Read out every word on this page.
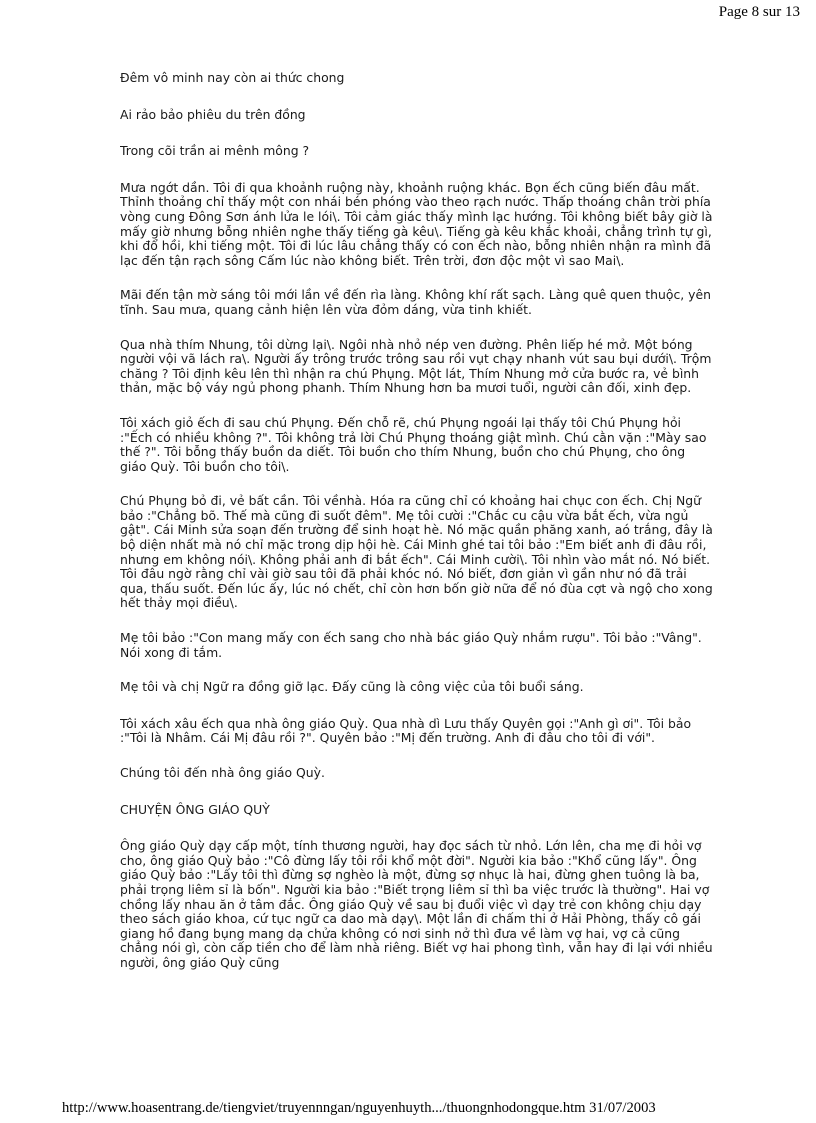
Page 8 sur 13

Đêm vô minh nay còn ai thức chong

Ai rảo bảo phiêu du trên đồng

Trong cõi trần ai mênh mông ?

Mưa ngớt dần. Tôi đi qua khoảnh ruộng này, khoảnh ruộng khác. Bọn ếch cũng biến đâu mất. Thỉnh thoảng chỉ thấy một con nhái bén phóng vào theo rạch nước. Thấp thoáng chân trời phía vòng cung Đông Sơn ánh lửa le lói\. Tôi cảm giác thấy mình lạc hướng. Tôi không biết bây giờ là mấy giờ nhưng bỗng nhiên nghe thấy tiếng gà kêu\. Tiếng gà kêu khắc khoải, chẳng trình tự gì, khi đổ hồi, khi tiếng một. Tôi đi lúc lâu chẳng thấy có con ếch nào, bỗng nhiên nhận ra mình đã lạc đến tận rạch sông Cấm lúc nào không biết. Trên trời, đơn độc một vì sao Mai\.

Mãi đến tận mờ sáng tôi mới lần về đến rìa làng. Không khí rất sạch. Làng quê quen thuộc, yên tĩnh. Sau mưa, quang cảnh hiện lên vừa đỏm dáng, vừa tinh khiết.

Qua nhà thím Nhung, tôi dừng lại\. Ngôi nhà nhỏ nép ven đường. Phên liếp hé mở. Một bóng người vội vã lách ra\. Người ấy trông trước trông sau rồi vụt chạy nhanh vút sau bụi dưới\. Trộm chăng ? Tôi định kêu lên thì nhận ra chú Phụng. Một lát, Thím Nhung mở cửa bước ra, vẻ bình thản, mặc bộ váy ngủ phong phanh. Thím Nhung hơn ba mươi tuổi, người cân đối, xinh đẹp.

Tôi xách giỏ ếch đi sau chú Phụng. Đến chỗ rẽ, chú Phụng ngoái lại thấy tôi Chú Phụng hỏi :"Ếch có nhiều không ?". Tôi không trả lời Chú Phụng thoáng giật mình. Chú cằn vặn :"Mày sao thế ?". Tôi bỗng thấy buồn da diết. Tôi buồn cho thím Nhung, buồn cho chú Phụng, cho ông giáo Quỳ. Tôi buồn cho tôi\.

Chú Phụng bỏ đi, vẻ bất cần. Tôi vềnhà. Hóa ra cũng chỉ có khoảng hai chục con ếch. Chị Ngữ bảo :"Chẳng bõ. Thế mà cũng đi suốt đêm". Mẹ tôi cười :"Chắc cu cậu vừa bắt ếch, vừa ngủ gật". Cái Minh sửa soạn đến trường để sinh hoạt hè. Nó mặc quần phăng xanh, aó trắng, đây là bộ diện nhất mà nó chỉ mặc trong dịp hội hè. Cái Minh ghé tai tôi bảo :"Em biết anh đi đâu rồi, nhưng em không nói\. Không phải anh đi bắt ếch". Cái Minh cười\. Tôi nhìn vào mắt nó. Nó biết. Tôi đâu ngờ rằng chỉ vài giờ sau tôi đã phải khóc nó. Nó biết, đơn giản vì gần như nó đã trải qua, thấu suốt. Đến lúc ấy, lúc nó chết, chỉ còn hơn bốn giờ nữa để nó đùa cợt và ngộ cho xong hết thảy mọi điều\.

Mẹ tôi bảo :"Con mang mấy con ếch sang cho nhà bác giáo Quỳ nhắm rượu". Tôi bảo :"Vâng". Nói xong đi tắm.

Mẹ tôi và chị Ngữ ra đồng giỡ lạc. Đấy cũng là công việc của tôi buổi sáng.

Tôi xách xâu ếch qua nhà ông giáo Quỳ. Qua nhà dì Lưu thấy Quyên gọi :"Anh gì ơi". Tôi bảo :"Tôi là Nhâm. Cái Mị đâu rồi ?". Quyên bảo :"Mị đến trường. Anh đi đâu cho tôi đi với".

Chúng tôi đến nhà ông giáo Quỳ.

CHUYỆN ÔNG GIÁO QUỲ

Ông giáo Quỳ dạy cấp một, tính thương người, hay đọc sách từ nhỏ. Lớn lên, cha mẹ đi hỏi vợ cho, ông giáo Quỳ bảo :"Cô đừng lấy tôi rồi khổ một đời". Người kia bảo :"Khổ cũng lấy". Ông giáo Quỳ bảo :"Lấy tôi thì đừng sợ nghèo là một, đừng sợ nhục là hai, đừng ghen tuông là ba, phải trọng liêm sỉ là bốn". Người kia bảo :"Biết trọng liêm sỉ thì ba việc trước là thường". Hai vợ chồng lấy nhau ăn ở tâm đắc. Ông giáo Quỳ về sau bị đuổi việc vì dạy trẻ con không chịu dạy theo sách giáo khoa, cứ tục ngữ ca dao mà dạy\. Một lần đi chấm thi ở Hải Phòng, thấy cô gái giang hồ đang bụng mang dạ chửa không có nơi sinh nở thì đưa về làm vợ hai, vợ cả cũng chẳng nói gì, còn cấp tiền cho để làm nhà riêng. Biết vợ hai phong tình, vẫn hay đi lại với nhiều người, ông giáo Quỳ cũng

http://www.hoasentrang.de/tiengviet/truyennngan/nguyenhuyth.../thuongnhodongque.htm 31/07/2003
